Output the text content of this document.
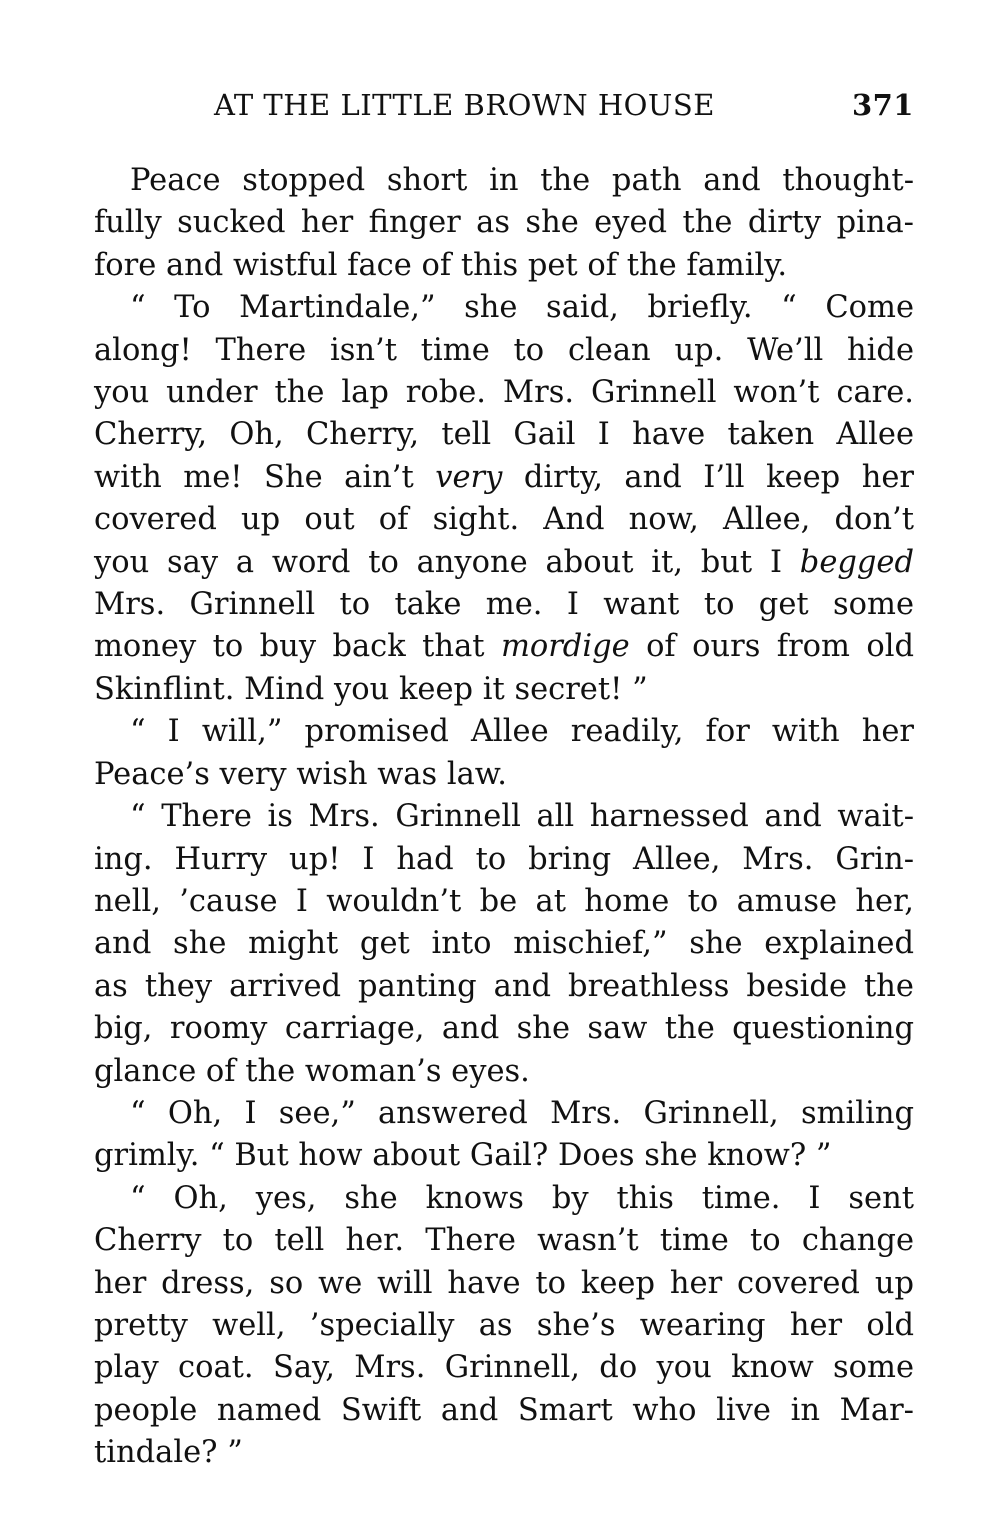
AT THE LITTLE BROWN HOUSE	371
Peace stopped short in the path and thought-
fully sucked her finger as she eyed the dirty pina-
fore and wistful face of this pet of the family.
“ To Martindale,” she said, briefly. “ Come
along! There isn’t time to clean up. We’ll hide
you under the lap robe. Mrs. Grinnell won’t care.
Cherry, Oh, Cherry, tell Gail I have taken Allee
with me! She ain’t very dirty, and I’ll keep her
covered up out of sight. And now, Allee, don’t
you say a word to anyone about it, but I begged
Mrs. Grinnell to take me. I want to get some
money to buy back that mordige of ours from old
Skinflint. Mind you keep it secret! ”
“ I will,” promised Allee readily, for with her
Peace’s very wish was law.
“ There is Mrs. Grinnell all harnessed and wait-
ing. Hurry up! I had to bring Allee, Mrs. Grin-
nell, ’cause I wouldn’t be at home to amuse her,
and she might get into mischief,” she explained
as they arrived panting and breathless beside the
big, roomy carriage, and she saw the questioning
glance of the woman’s eyes.
“ Oh, I see,” answered Mrs. Grinnell, smiling
grimly. “ But how about Gail? Does she know? ”
“ Oh, yes, she knows by this time. I sent
Cherry to tell her. There wasn’t time to change
her dress, so we will have to keep her covered up
pretty well, ’specially as she’s wearing her old
play coat. Say, Mrs. Grinnell, do you know some
people named Swift and Smart who live in Mar-
tindale? ”
